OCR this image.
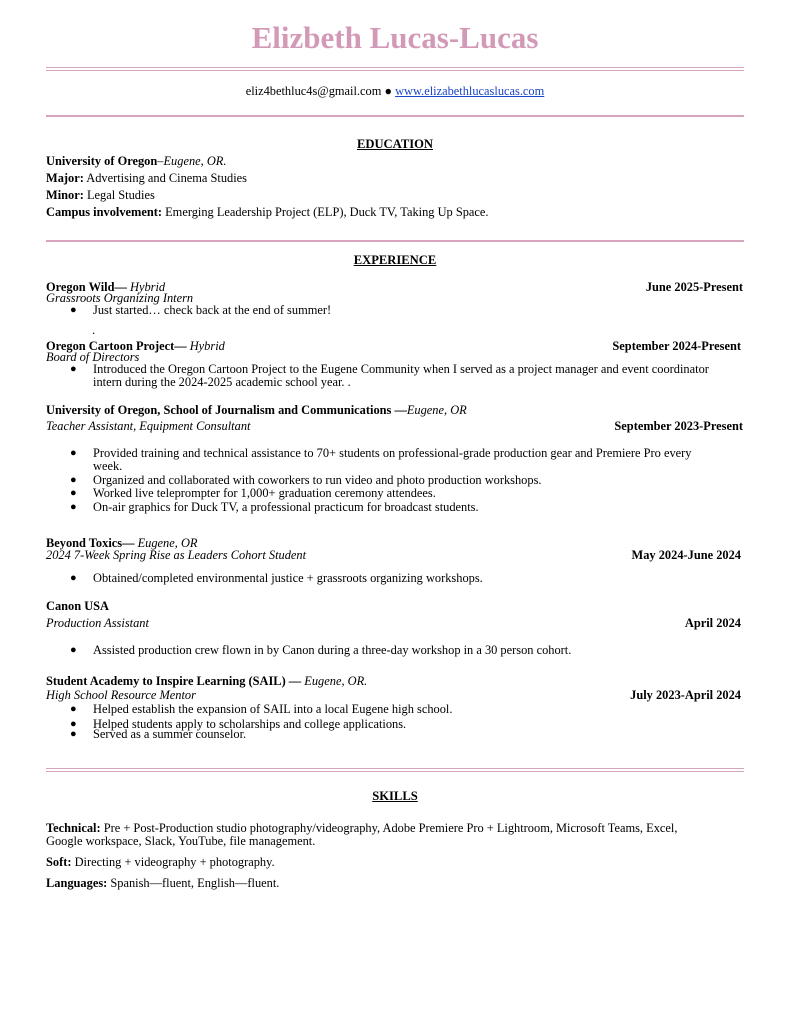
Elizbeth Lucas-Lucas
eliz4bethluc4s@gmail.com ● www.elizabethlucaslucas.com
EDUCATION
University of Oregon–Eugene, OR.
Major: Advertising and Cinema Studies
Minor: Legal Studies
Campus involvement: Emerging Leadership Project (ELP), Duck TV, Taking Up Space.
EXPERIENCE
Oregon Wild— Hybrid	June 2025-Present
Grassroots Organizing Intern
● Just started… check back at the end of summer!
.
Oregon Cartoon Project— Hybrid	September 2024-Present
Board of Directors
● Introduced the Oregon Cartoon Project to the Eugene Community when I served as a project manager and event coordinator
intern during the 2024-2025 academic school year. .
University of Oregon, School of Journalism and Communications —Eugene, OR
Teacher Assistant, Equipment Consultant	September 2023-Present
● Provided training and technical assistance to 70+ students on professional-grade production gear and Premiere Pro every
week.
● Organized and collaborated with coworkers to run video and photo production workshops.
● Worked live teleprompter for 1,000+ graduation ceremony attendees.
● On-air graphics for Duck TV, a professional practicum for broadcast students.
Beyond Toxics— Eugene, OR
2024 7-Week Spring Rise as Leaders Cohort Student	May 2024-June 2024
● Obtained/completed environmental justice + grassroots organizing workshops.
Canon USA
Production Assistant	April 2024
● Assisted production crew flown in by Canon during a three-day workshop in a 30 person cohort.
Student Academy to Inspire Learning (SAIL) — Eugene, OR.
High School Resource Mentor	July 2023-April 2024
● Helped establish the expansion of SAIL into a local Eugene high school.
● Helped students apply to scholarships and college applications.
● Served as a summer counselor.
SKILLS
Technical: Pre + Post-Production studio photography/videography, Adobe Premiere Pro + Lightroom, Microsoft Teams, Excel,
Google workspace, Slack, YouTube, file management.
Soft: Directing + videography + photography.
Languages: Spanish—fluent, English—fluent.
